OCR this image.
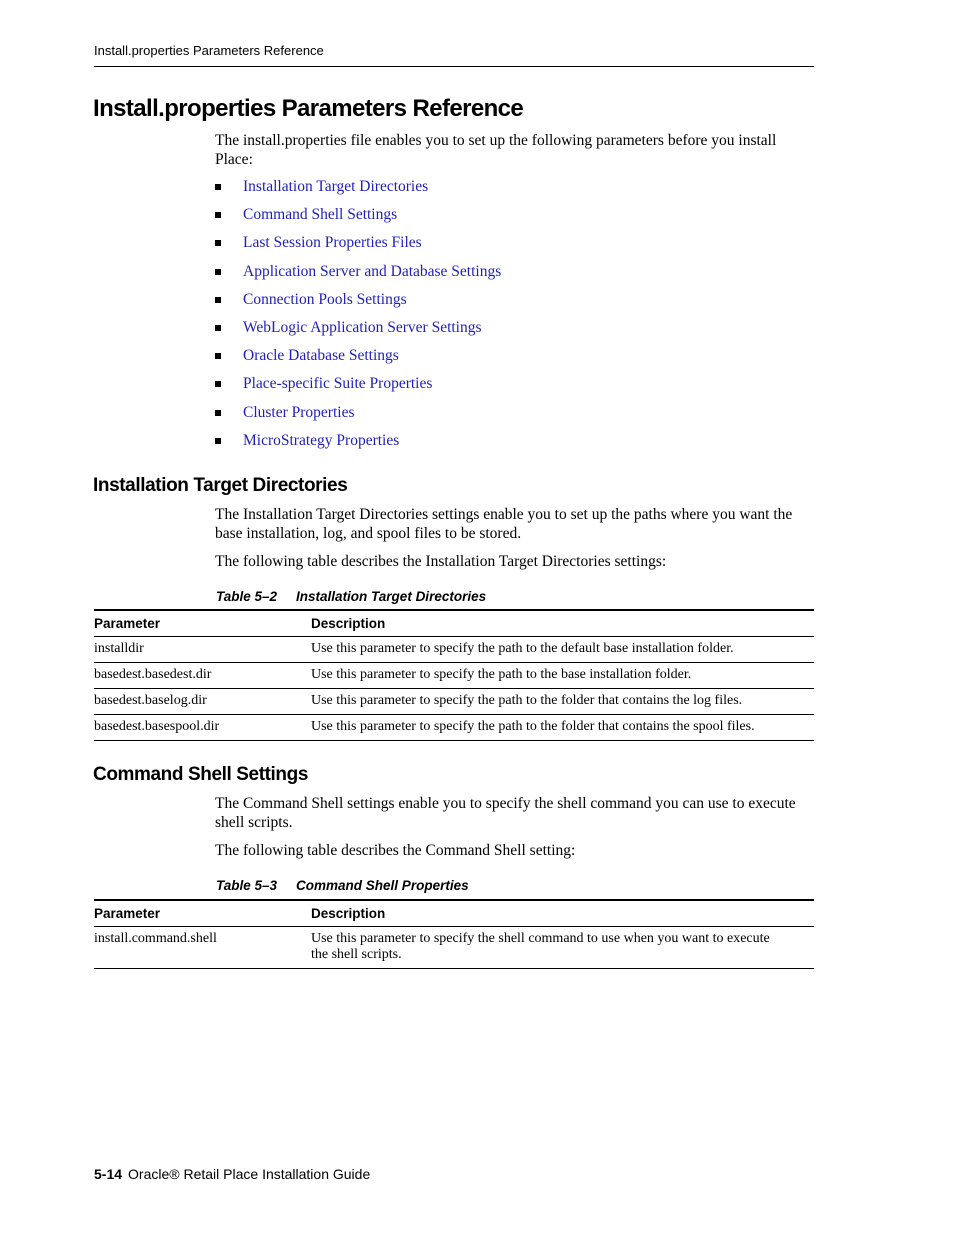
Install.properties Parameters Reference
Install.properties Parameters Reference

The install.properties file enables you to set up the following parameters before you install Place:

Installation Target Directories
Command Shell Settings
Last Session Properties Files
Application Server and Database Settings
Connection Pools Settings
WebLogic Application Server Settings
Oracle Database Settings
Place-specific Suite Properties
Cluster Properties
MicroStrategy Properties
Installation Target Directories

The Installation Target Directories settings enable you to set up the paths where you want the base installation, log, and spool files to be stored.

The following table describes the Installation Target Directories settings:

Table 5–2 Installation Target Directories
Parameter	Description
installdir	Use this parameter to specify the path to the default base installation folder.
basedest.basedest.dir	Use this parameter to specify the path to the base installation folder.
basedest.baselog.dir	Use this parameter to specify the path to the folder that contains the log files.
basedest.basespool.dir	Use this parameter to specify the path to the folder that contains the spool files.
Command Shell Settings

The Command Shell settings enable you to specify the shell command you can use to execute shell scripts.

The following table describes the Command Shell setting:

Table 5–3 Command Shell Properties
Parameter	Description
install.command.shell	Use this parameter to specify the shell command to use when you want to execute the shell scripts.
5-14 Oracle® Retail Place Installation Guide
